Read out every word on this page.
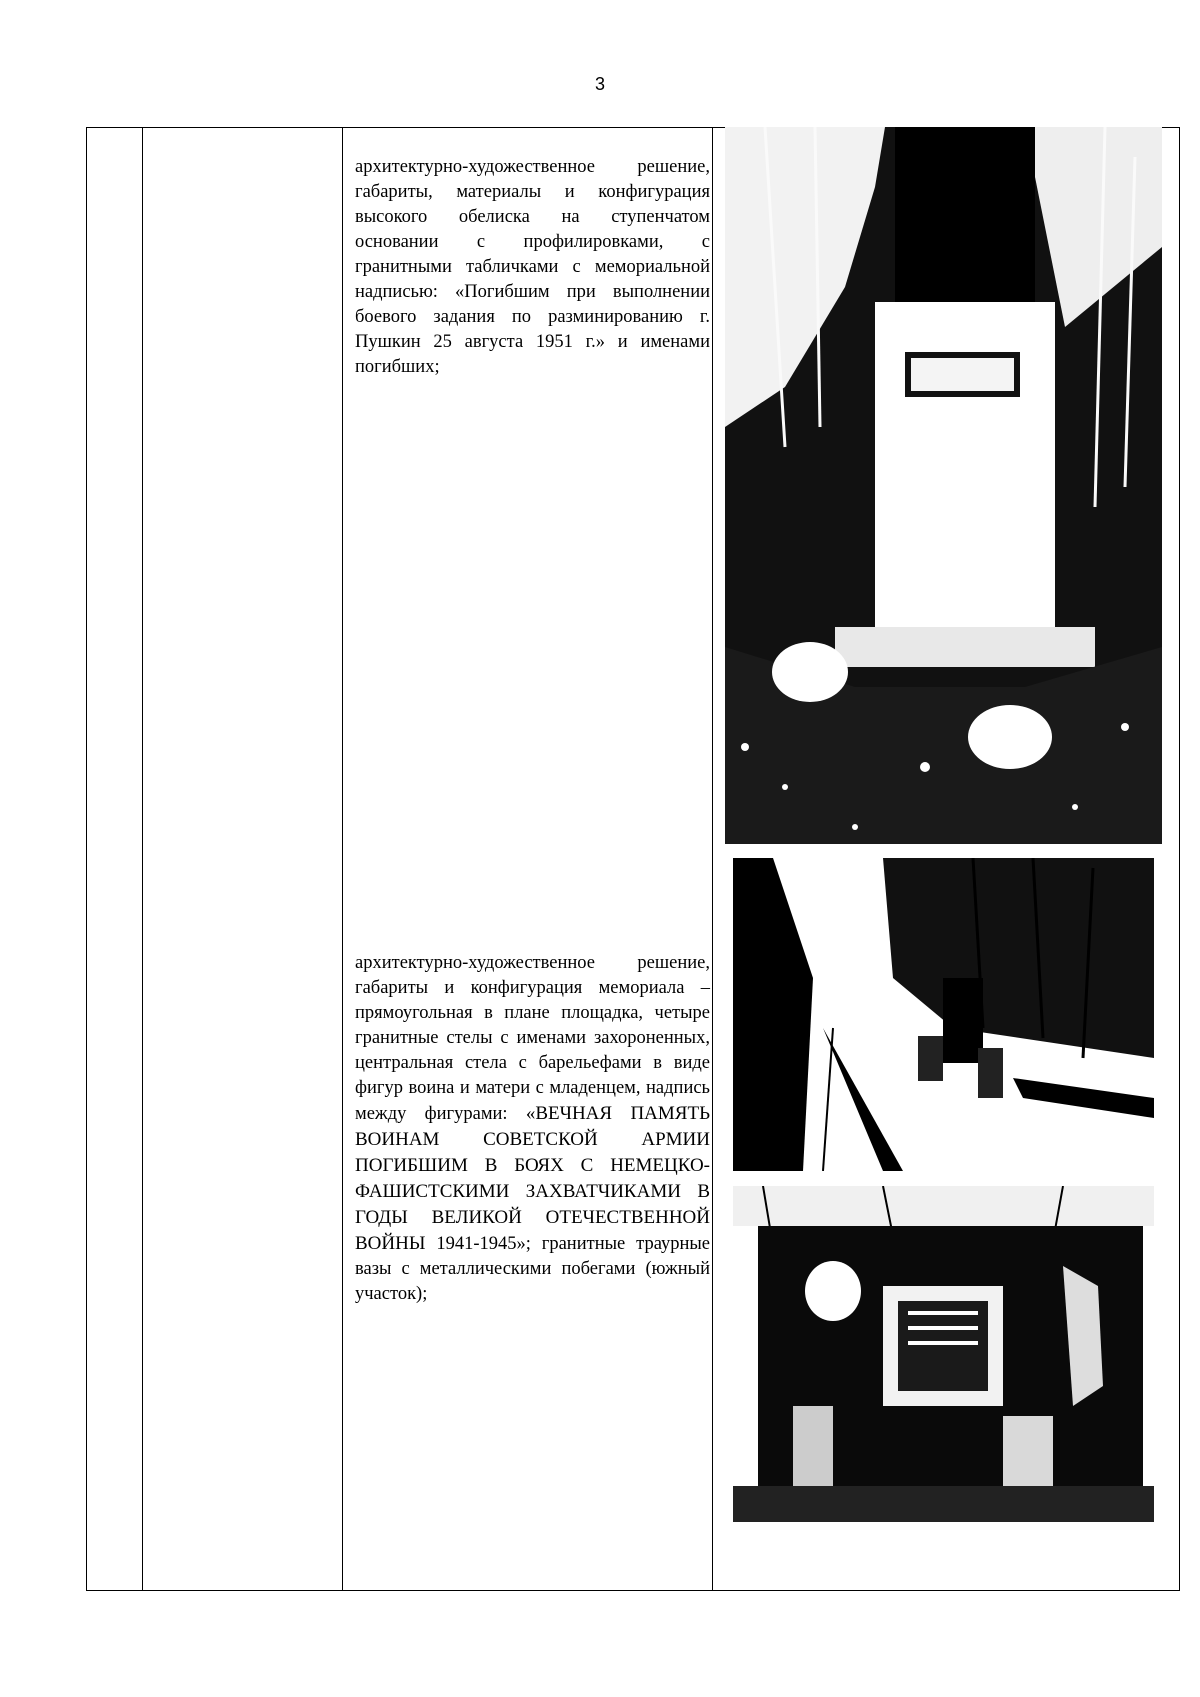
3

архитектурно-художественное решение, габариты, материалы и конфигурация высокого обелиска на ступенчатом основании с профилировками, с гранитными табличками с мемориальной надписью: «Погибшим при выполнении боевого задания по разминированию г. Пушкин 25 августа 1951 г.» и именами погибших;

архитектурно-художественное решение, габариты и конфигурация мемориала – прямоугольная в плане площадка, четыре гранитные стелы с именами захороненных, центральная стела с барельефами в виде фигур воина и матери с младенцем, надпись между фигурами: «ВЕЧНАЯ ПАМЯТЬ ВОИНАМ СОВЕТСКОЙ АРМИИ ПОГИБШИМ В БОЯХ С НЕМЕЦКО-ФАШИСТСКИМИ ЗАХВАТЧИКАМИ В ГОДЫ ВЕЛИКОЙ ОТЕЧЕСТВЕННОЙ ВОЙНЫ 1941-1945»; гранитные траурные вазы с металлическими побегами (южный участок);
